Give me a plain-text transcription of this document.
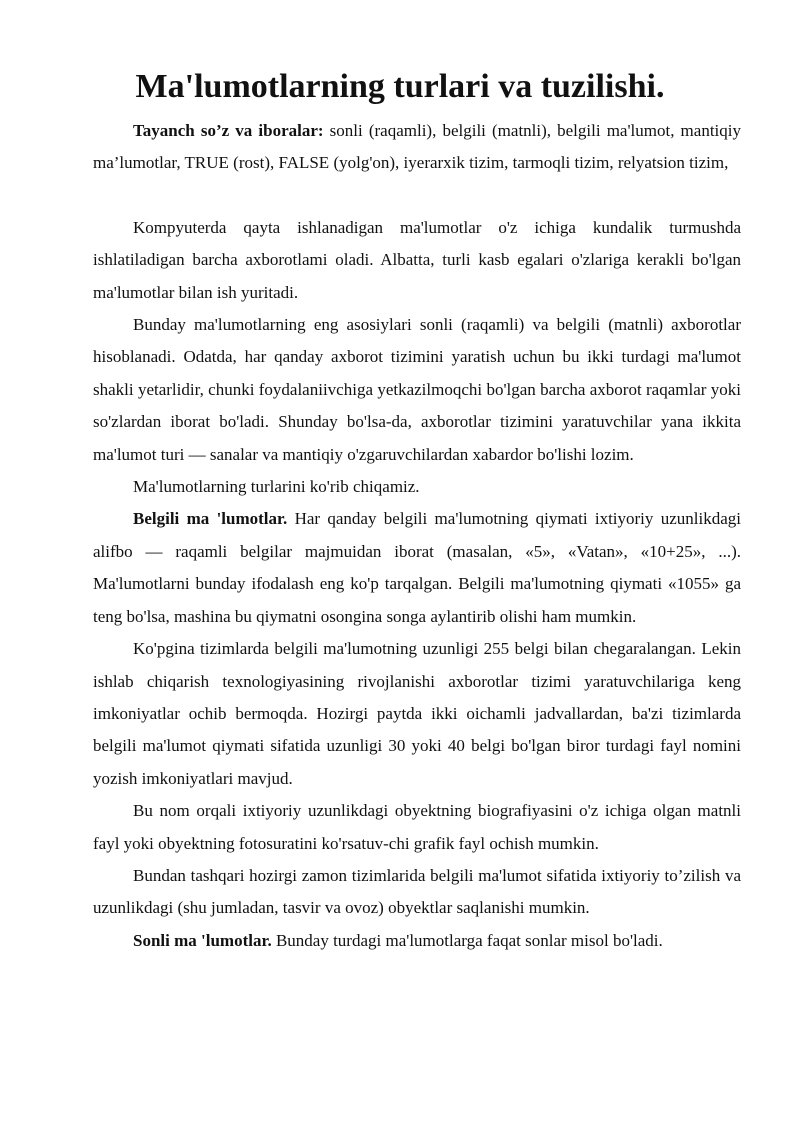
Ma'lumotlarning turlari va tuzilishi.

Tayanch so’z va iboralar: sonli (raqamli), belgili (matnli), belgili ma'lumot, mantiqiy ma’lumotlar, TRUE (rost), FALSE (yolg'on), iyerarxik tizim, tarmoqli tizim, relyatsion tizim,

Kompyuterda qayta ishlanadigan ma'lumotlar o'z ichiga kundalik turmushda ishlatiladigan barcha axborotlami oladi. Albatta, turli kasb egalari o'zlariga kerakli bo'lgan ma'lumotlar bilan ish yuritadi.

Bunday ma'lumotlarning eng asosiylari sonli (raqamli) va belgili (matnli) axborotlar hisoblanadi. Odatda, har qanday axborot tizimini yaratish uchun bu ikki turdagi ma'lumot shakli yetarlidir, chunki foydalaniivchiga yetkazilmoqchi bo'lgan barcha axborot raqamlar yoki so'zlardan iborat bo'ladi. Shunday bo'lsa-da, axborotlar tizimini yaratuvchilar yana ikkita ma'lumot turi — sanalar va mantiqiy o'zgaruvchilardan xabardor bo'lishi lozim.

Ma'lumotlarning turlarini ko'rib chiqamiz.

Belgili ma 'lumotlar. Har qanday belgili ma'lumotning qiymati ixtiyoriy uzunlikdagi alifbo — raqamli belgilar majmuidan iborat (masalan, «5», «Vatan», «10+25», ...). Ma'lumotlarni bunday ifodalash eng ko'p tarqalgan. Belgili ma'lumotning qiymati «1055» ga teng bo'lsa, mashina bu qiymatni osongina songa aylantirib olishi ham mumkin.

Ko'pgina tizimlarda belgili ma'lumotning uzunligi 255 belgi bilan chegaralangan. Lekin ishlab chiqarish texnologiyasining rivojlanishi axborotlar tizimi yaratuvchilariga keng imkoniyatlar ochib bermoqda. Hozirgi paytda ikki oichamli jadvallardan, ba'zi tizimlarda belgili ma'lumot qiymati sifatida uzunligi 30 yoki 40 belgi bo'lgan biror turdagi fayl nomini yozish imkoniyatlari mavjud.

Bu nom orqali ixtiyoriy uzunlikdagi obyektning biografiyasini o'z ichiga olgan matnli fayl yoki obyektning fotosuratini ko'rsatuv-chi grafik fayl ochish mumkin.

Bundan tashqari hozirgi zamon tizimlarida belgili ma'lumot sifatida ixtiyoriy to’zilish va uzunlikdagi (shu jumladan, tasvir va ovoz) obyektlar saqlanishi mumkin.

Sonli ma 'lumotlar. Bunday turdagi ma'lumotlarga faqat sonlar misol bo'ladi.
